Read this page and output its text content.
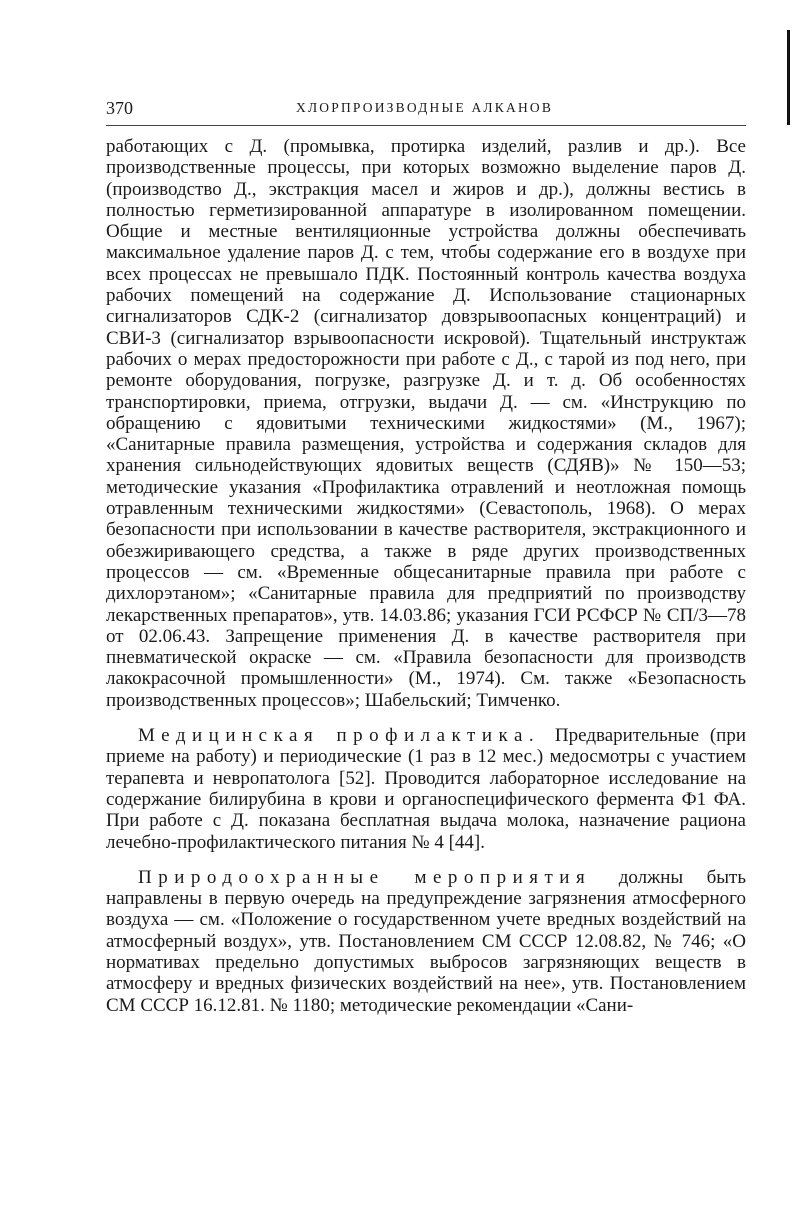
370	ХЛОРПРОИЗВОДНЫЕ АЛКАНОВ

работающих с Д. (промывка, протирка изделий, разлив и др.). Все производственные процессы, при которых возможно выделение паров Д. (производство Д., экстракция масел и жиров и др.), должны вестись в полностью герметизированной аппаратуре в изолированном помещении. Общие и местные вентиляционные устройства должны обеспечивать максимальное удаление паров Д. с тем, чтобы содержание его в воздухе при всех процессах не превышало ПДК. Постоянный контроль качества воздуха рабочих помещений на содержание Д. Использование стационарных сигнализаторов СДК-2 (сигнализатор довзрывоопасных концентраций) и СВИ-3 (сигнализатор взрывоопасности искровой). Тщательный инструктаж рабочих о мерах предосторожности при работе с Д., с тарой из под него, при ремонте оборудования, погрузке, разгрузке Д. и т. д. Об особенностях транспортировки, приема, отгрузки, выдачи Д. — см. «Инструкцию по обращению с ядовитыми техническими жидкостями» (М., 1967); «Санитарные правила размещения, устройства и содержания складов для хранения сильнодействующих ядовитых веществ (СДЯВ)» № 150—53; методические указания «Профилактика отравлений и неотложная помощь отравленным техническими жидкостями» (Севастополь, 1968). О мерах безопасности при использовании в качестве растворителя, экстракционного и обезжиривающего средства, а также в ряде других производственных процессов — см. «Временные общесанитарные правила при работе с дихлорэтаном»; «Санитарные правила для предприятий по производству лекарственных препаратов», утв. 14.03.86; указания ГСИ РСФСР № СП/3—78 от 02.06.43. Запрещение применения Д. в качестве растворителя при пневматической окраске — см. «Правила безопасности для производств лакокрасочной промышленности» (М., 1974). См. также «Безопасность производственных процессов»; Шабельский; Тимченко.

Медицинская профилактика. Предварительные (при приеме на работу) и периодические (1 раз в 12 мес.) медосмотры с участием терапевта и невропатолога [52]. Проводится лабораторное исследование на содержание билирубина в крови и органоспецифического фермента Ф1 ФА. При работе с Д. показана бесплатная выдача молока, назначение рациона лечебно-профилактического питания № 4 [44].

Природоохранные мероприятия должны быть направлены в первую очередь на предупреждение загрязнения атмосферного воздуха — см. «Положение о государственном учете вредных воздействий на атмосферный воздух», утв. Постановлением СМ СССР 12.08.82, № 746; «О нормативах предельно допустимых выбросов загрязняющих веществ в атмосферу и вредных физических воздействий на нее», утв. Постановлением СМ СССР 16.12.81. № 1180; методические рекомендации «Сани-
